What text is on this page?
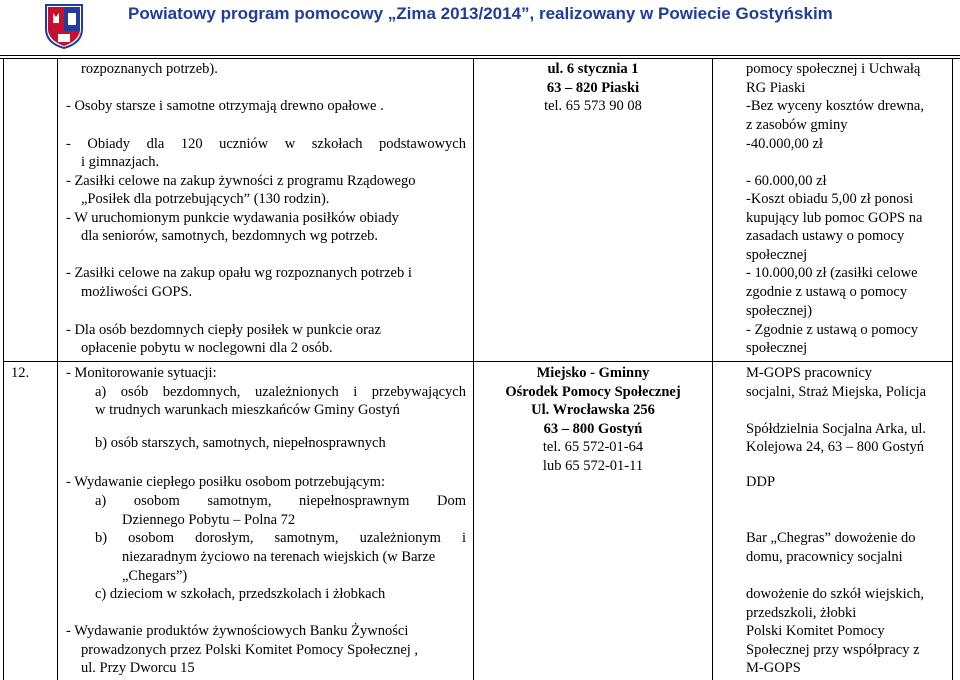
Powiatowy program pomocowy „Zima 2013/2014”, realizowany w Powiecie Gostyńskim
rozpoznanych potrzeb).
- Osoby starsze i samotne otrzymają drewno opałowe .
- Obiady dla 120 uczniów w szkołach podstawowych
i gimnazjach.
- Zasiłki celowe na zakup żywności z programu Rządowego
„Posiłek dla potrzebujących” (130 rodzin).
- W uruchomionym punkcie wydawania posiłków obiady
dla seniorów, samotnych, bezdomnych wg potrzeb.
- Zasiłki celowe na zakup opału wg rozpoznanych potrzeb i
możliwości GOPS.
- Dla osób bezdomnych ciepły posiłek w punkcie oraz
opłacenie pobytu w noclegowni dla 2 osób.
ul. 6 stycznia 1
63 – 820 Piaski
tel. 65 573 90 08
pomocy społecznej i Uchwałą
RG Piaski
-Bez wyceny kosztów drewna,
z zasobów gminy
-40.000,00 zł
- 60.000,00 zł
-Koszt obiadu 5,00 zł ponosi
kupujący lub pomoc GOPS na
zasadach ustawy o pomocy
społecznej
- 10.000,00 zł (zasiłki celowe
zgodnie z ustawą o pomocy
społecznej)
- Zgodnie z ustawą o pomocy
społecznej
12.	- Monitorowanie sytuacji:
a) osób bezdomnych, uzależnionych i przebywających
w trudnych warunkach mieszkańców Gminy Gostyń
b) osób starszych, samotnych, niepełnosprawnych
- Wydawanie ciepłego posiłku osobom potrzebującym:
a) osobom samotnym, niepełnosprawnym Dom
Dziennego Pobytu – Polna 72
b) osobom dorosłym, samotnym, uzależnionym i
niezaradnym życiowo na terenach wiejskich (w Barze
„Chegars”)
c) dzieciom w szkołach, przedszkolach i żłobkach
- Wydawanie produktów żywnościowych Banku Żywności
prowadzonych przez Polski Komitet Pomocy Społecznej ,
ul. Przy Dworcu 15
Miejsko - Gminny
Ośrodek Pomocy Społecznej
Ul. Wrocławska 256
63 – 800 Gostyń
tel. 65 572-01-64
lub 65 572-01-11
M-GOPS pracownicy
socjalni, Straż Miejska, Policja
Spółdzielnia Socjalna Arka, ul.
Kolejowa 24, 63 – 800 Gostyń
DDP
Bar „Chegras” dowożenie do
domu, pracownicy socjalni
dowożenie do szkół wiejskich,
przedszkoli, żłobki
Polski Komitet Pomocy
Społecznej przy współpracy z
M-GOPS
